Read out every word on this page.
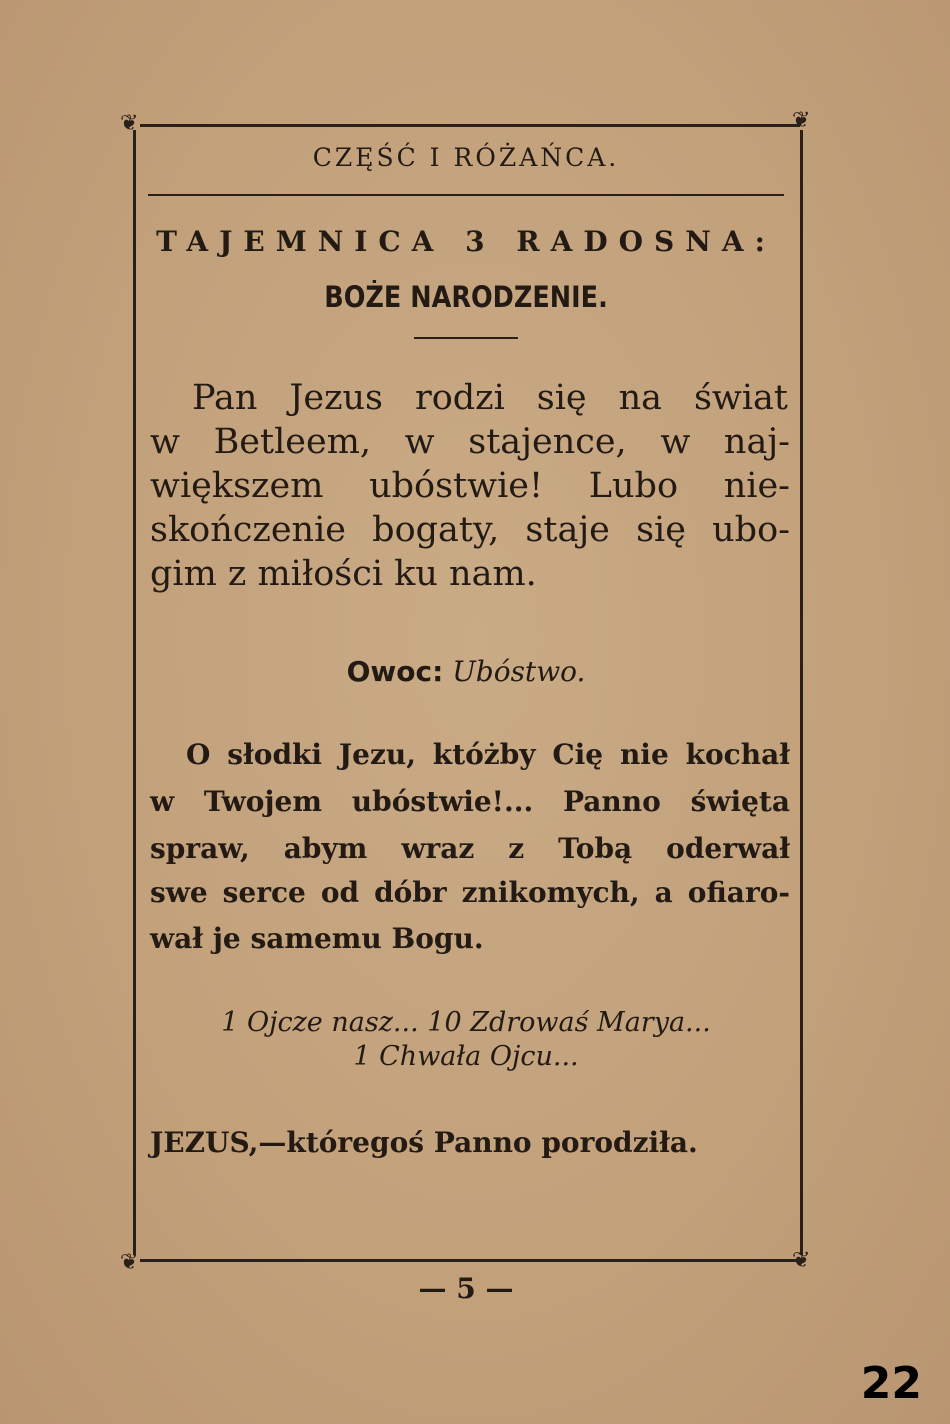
❦	❦
❦	❦
CZĘŚĆ I RÓŻAŃCA.
TAJEMNICA 3 RADOSNA:
BOŻE NARODZENIE.
Pan Jezus rodzi się na świat
w Betleem, w stajence, w naj-
większem ubóstwie! Lubo nie-
skończenie bogaty, staje się ubo-
gim z miłości ku nam.
Owoc: Ubóstwo.
O słodki Jezu, któżby Cię nie kochał
w Twojem ubóstwie!... Panno święta
spraw, abym wraz z Tobą oderwał
swe serce od dóbr znikomych, a ofiaro-
wał je samemu Bogu.
1 Ojcze nasz... 10 Zdrowaś Marya...
1 Chwała Ojcu...
JEZUS,—któregoś Panno porodziła.
— 5 —
22
